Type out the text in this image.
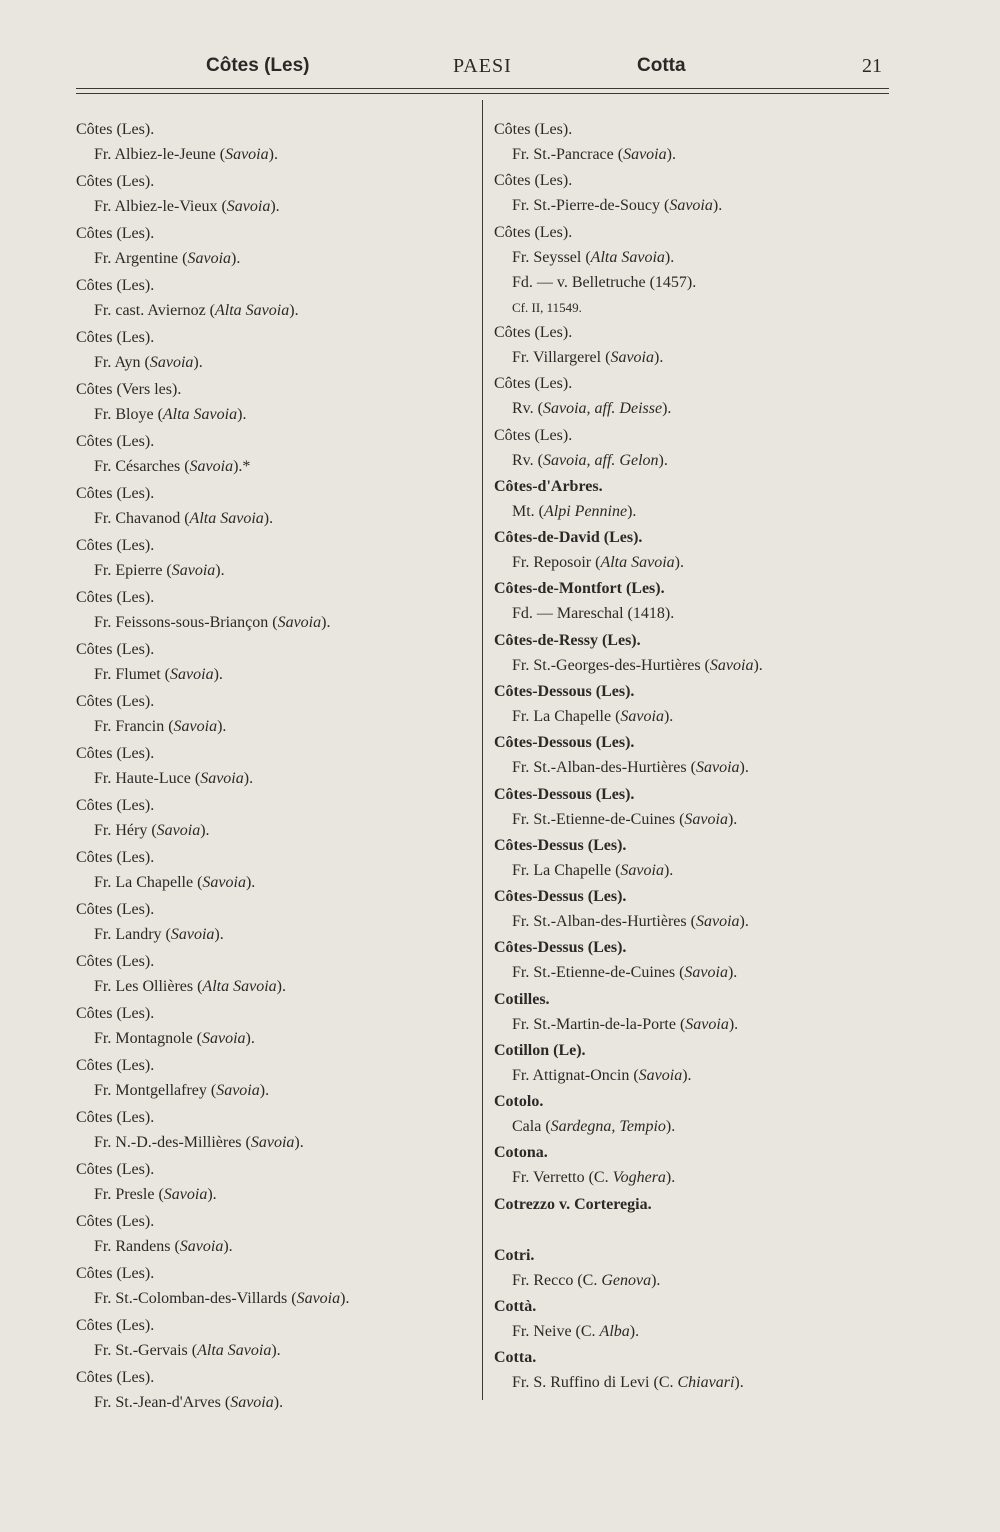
Côtes (Les)	PAESI	Cotta	21
Côtes (Les).
Fr. Albiez-le-Jeune (Savoia).
Côtes (Les).
Fr. Albiez-le-Vieux (Savoia).
Côtes (Les).
Fr. Argentine (Savoia).
Côtes (Les).
Fr. cast. Aviernoz (Alta Savoia).
Côtes (Les).
Fr. Ayn (Savoia).
Côtes (Vers les).
Fr. Bloye (Alta Savoia).
Côtes (Les).
Fr. Césarches (Savoia).*
Côtes (Les).
Fr. Chavanod (Alta Savoia).
Côtes (Les).
Fr. Epierre (Savoia).
Côtes (Les).
Fr. Feissons-sous-Briançon (Savoia).
Côtes (Les).
Fr. Flumet (Savoia).
Côtes (Les).
Fr. Francin (Savoia).
Côtes (Les).
Fr. Haute-Luce (Savoia).
Côtes (Les).
Fr. Héry (Savoia).
Côtes (Les).
Fr. La Chapelle (Savoia).
Côtes (Les).
Fr. Landry (Savoia).
Côtes (Les).
Fr. Les Ollières (Alta Savoia).
Côtes (Les).
Fr. Montagnole (Savoia).
Côtes (Les).
Fr. Montgellafrey (Savoia).
Côtes (Les).
Fr. N.-D.-des-Millières (Savoia).
Côtes (Les).
Fr. Presle (Savoia).
Côtes (Les).
Fr. Randens (Savoia).
Côtes (Les).
Fr. St.-Colomban-des-Villards (Savoia).
Côtes (Les).
Fr. St.-Gervais (Alta Savoia).
Côtes (Les).
Fr. St.-Jean-d'Arves (Savoia).
Côtes (Les).
Fr. St.-Pancrace (Savoia).
Côtes (Les).
Fr. St.-Pierre-de-Soucy (Savoia).
Côtes (Les).
Fr. Seyssel (Alta Savoia).
Fd. — v. Belletruche (1457).
Cf. II, 11549.
Côtes (Les).
Fr. Villargerel (Savoia).
Côtes (Les).
Rv. (Savoia, aff. Deisse).
Côtes (Les).
Rv. (Savoia, aff. Gelon).
Côtes-d'Arbres.
Mt. (Alpi Pennine).
Côtes-de-David (Les).
Fr. Reposoir (Alta Savoia).
Côtes-de-Montfort (Les).
Fd. — Mareschal (1418).
Côtes-de-Ressy (Les).
Fr. St.-Georges-des-Hurtières (Savoia).
Côtes-Dessous (Les).
Fr. La Chapelle (Savoia).
Côtes-Dessous (Les).
Fr. St.-Alban-des-Hurtières (Savoia).
Côtes-Dessous (Les).
Fr. St.-Etienne-de-Cuines (Savoia).
Côtes-Dessus (Les).
Fr. La Chapelle (Savoia).
Côtes-Dessus (Les).
Fr. St.-Alban-des-Hurtières (Savoia).
Côtes-Dessus (Les).
Fr. St.-Etienne-de-Cuines (Savoia).
Cotilles.
Fr. St.-Martin-de-la-Porte (Savoia).
Cotillon (Le).
Fr. Attignat-Oncin (Savoia).
Cotolo.
Cala (Sardegna, Tempio).
Cotona.
Fr. Verretto (C. Voghera).
Cotrezzo v. Corteregia.
Cotri.
Fr. Recco (C. Genova).
Cottà.
Fr. Neive (C. Alba).
Cotta.
Fr. S. Ruffino di Levi (C. Chiavari).
